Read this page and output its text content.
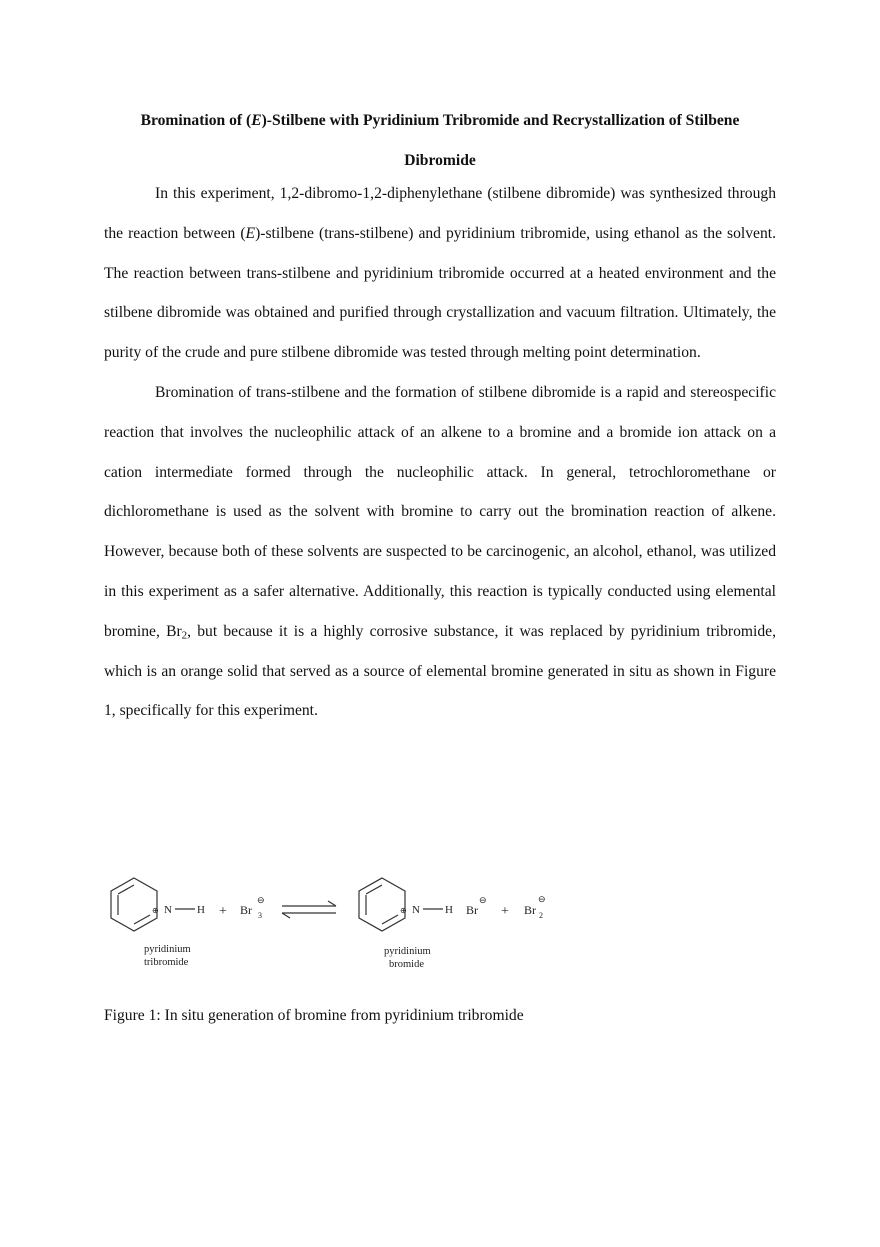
Bromination of (E)-Stilbene with Pyridinium Tribromide and Recrystallization of Stilbene Dibromide

In this experiment, 1,2-dibromo-1,2-diphenylethane (stilbene dibromide) was synthesized through the reaction between (E)-stilbene (trans-stilbene) and pyridinium tribromide, using ethanol as the solvent. The reaction between trans-stilbene and pyridinium tribromide occurred at a heated environment and the stilbene dibromide was obtained and purified through crystallization and vacuum filtration. Ultimately, the purity of the crude and pure stilbene dibromide was tested through melting point determination.

Bromination of trans-stilbene and the formation of stilbene dibromide is a rapid and stereospecific reaction that involves the nucleophilic attack of an alkene to a bromine and a bromide ion attack on a cation intermediate formed through the nucleophilic attack. In general, tetrochloromethane or dichloromethane is used as the solvent with bromine to carry out the bromination reaction of alkene. However, because both of these solvents are suspected to be carcinogenic, an alcohol, ethanol, was utilized in this experiment as a safer alternative. Additionally, this reaction is typically conducted using elemental bromine, $Br_2$, but because it is a highly corrosive substance, it was replaced by pyridinium tribromide, which is an orange solid that served as a source of elemental bromine generated in situ as shown in Figure 1, specifically for this experiment.

⊕ N H + Br 3
⊖
pyridinium
tribromide
⊕ N H Br
⊖
+ Br 2
⊖
pyridinium
bromide
Figure 1: In situ generation of bromine from pyridinium tribromide
